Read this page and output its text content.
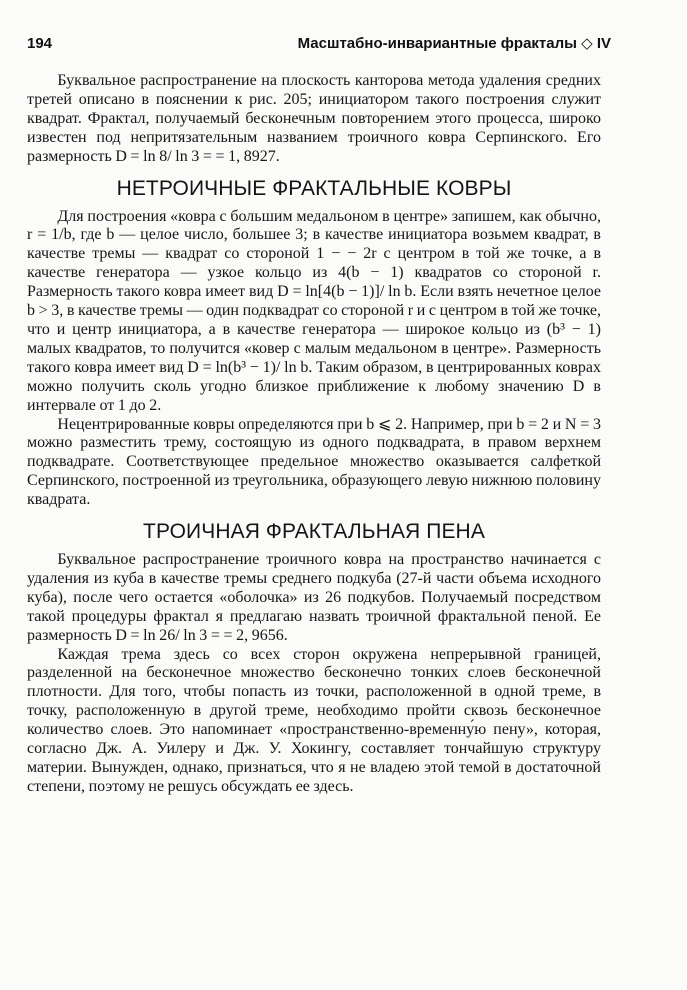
194	Масштабно-инвариантные фракталы ◇ IV

Буквальное распространение на плоскость канторова метода удаления средних третей описано в пояснении к рис. 205; инициатором такого построения служит квадрат. Фрактал, получаемый бесконечным повторением этого процесса, широко известен под непритязательным названием троичного ковра Серпинского. Его размерность D = ln 8/ ln 3 = = 1, 8927.

НЕТРОИЧНЫЕ ФРАКТАЛЬНЫЕ КОВРЫ

Для построения «ковра с большим медальоном в центре» запишем, как обычно, r = 1/b, где b — целое число, большее 3; в качестве инициатора возьмем квадрат, в качестве тремы — квадрат со стороной 1 − − 2r с центром в той же точке, а в качестве генератора — узкое кольцо из 4(b − 1) квадратов со стороной r. Размерность такого ковра имеет вид D = ln[4(b − 1)]/ ln b. Если взять нечетное целое b > 3, в качестве тремы — один подквадрат со стороной r и с центром в той же точке, что и центр инициатора, а в качестве генератора — широкое кольцо из (b³ − 1) малых квадратов, то получится «ковер с малым медальоном в центре». Размерность такого ковра имеет вид D = ln(b³ − 1)/ ln b. Таким образом, в центрированных коврах можно получить сколь угодно близкое приближение к любому значению D в интервале от 1 до 2.

Нецентрированные ковры определяются при b ⩽ 2. Например, при b = 2 и N = 3 можно разместить трему, состоящую из одного подквадрата, в правом верхнем подквадрате. Соответствующее предельное множество оказывается салфеткой Серпинского, построенной из треугольника, образующего левую нижнюю половину квадрата.

ТРОИЧНАЯ ФРАКТАЛЬНАЯ ПЕНА

Буквальное распространение троичного ковра на пространство начинается с удаления из куба в качестве тремы среднего подкуба (27-й части объема исходного куба), после чего остается «оболочка» из 26 подкубов. Получаемый посредством такой процедуры фрактал я предлагаю назвать троичной фрактальной пеной. Ее размерность D = ln 26/ ln 3 = = 2, 9656.

Каждая трема здесь со всех сторон окружена непрерывной границей, разделенной на бесконечное множество бесконечно тонких слоев бесконечной плотности. Для того, чтобы попасть из точки, расположенной в одной треме, в точку, расположенную в другой треме, необходимо пройти сквозь бесконечное количество слоев. Это напоминает «пространственно-временну́ю пену», которая, согласно Дж. А. Уилеру и Дж. У. Хокингу, составляет тончайшую структуру материи. Вынужден, однако, признаться, что я не владею этой темой в достаточной степени, поэтому не решусь обсуждать ее здесь.
